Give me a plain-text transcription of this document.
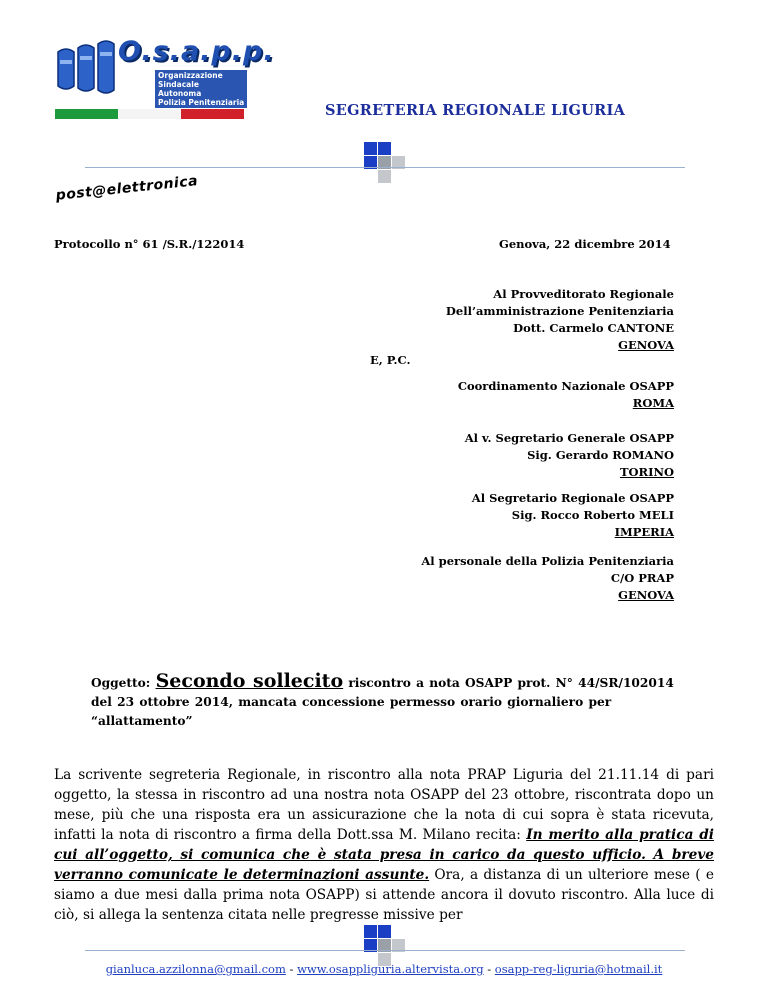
O.s.a.p.p.
Organizzazione
Sindacale
Autonoma
Polizia Penitenziaria	SEGRETERIA REGIONALE LIGURIA
post@elettronica
Protocollo n° 61 /S.R./122014	Genova, 22 dicembre 2014
Al Provveditorato Regionale
Dell’amministrazione Penitenziaria
Dott. Carmelo CANTONE
GENOVA
E, P.C.
Coordinamento Nazionale OSAPP
ROMA
Al v. Segretario Generale OSAPP
Sig. Gerardo ROMANO
TORINO
Al Segretario Regionale OSAPP
Sig. Rocco Roberto MELI
IMPERIA
Al personale della Polizia Penitenziaria
C/O PRAP
GENOVA
Oggetto: Secondo sollecito riscontro a nota OSAPP prot. N° 44/SR/102014 del 23 ottobre 2014, mancata concessione permesso orario giornaliero per “allattamento”
La scrivente segreteria Regionale, in riscontro alla nota PRAP Liguria del 21.11.14 di pari oggetto, la stessa in riscontro ad una nostra nota OSAPP del 23 ottobre, riscontrata dopo un mese, più che una risposta era un assicurazione che la nota di cui sopra è stata ricevuta, infatti la nota di riscontro a firma della Dott.ssa M. Milano recita: In merito alla pratica di cui all’oggetto, si comunica che è stata presa in carico da questo ufficio. A breve verranno comunicate le determinazioni assunte. Ora, a distanza di un ulteriore mese ( e siamo a due mesi dalla prima nota OSAPP) si attende ancora il dovuto riscontro. Alla luce di ciò, si allega la sentenza citata nelle pregresse missive per
gianluca.azzilonna@gmail.com - www.osappliguria.altervista.org - osapp-reg-liguria@hotmail.it
